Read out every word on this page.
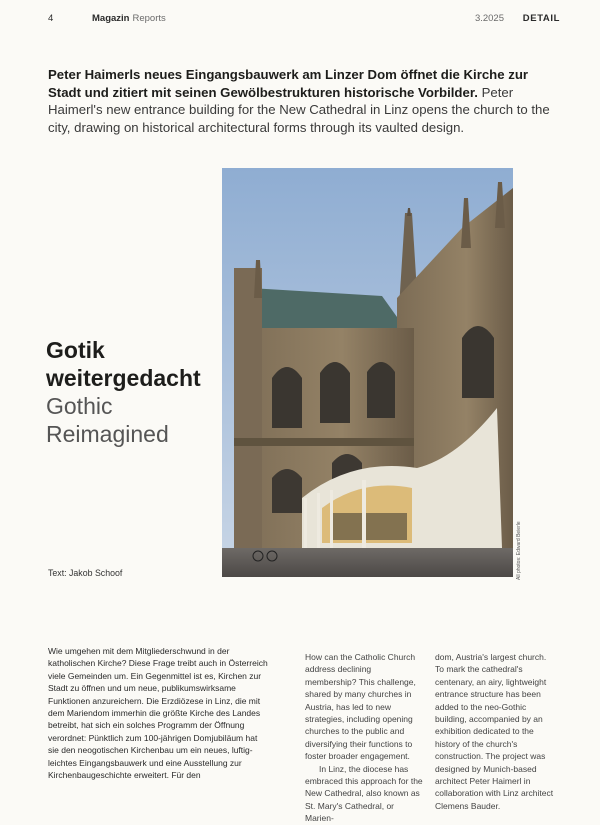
4	Magazin Reports	3.2025 DETAIL
Peter Haimerls neues Eingangsbauwerk am Linzer Dom öffnet die Kirche zur Stadt und zitiert mit seinen Gewölbestrukturen historische Vorbilder. Peter Haimerl's new entrance building for the New Cathedral in Linz opens the church to the city, drawing on historical architectural forms through its vaulted design.
Gotik
weitergedacht
Gothic
Reimagined
Text: Jakob Schoof	All photos: Edward Beierle

Wie umgehen mit dem Mitgliederschwund in der katholischen Kirche? Diese Frage treibt auch in Österreich viele Gemeinden um. Ein Gegenmittel ist es, Kirchen zur Stadt zu öffnen und um neue, publikumswirksame Funktionen anzureichern. Die Erzdiözese in Linz, die mit dem Mariendom immerhin die größte Kirche des Landes betreibt, hat sich ein solches Programm der Öffnung verordnet: Pünktlich zum 100-jährigen Domjubiläum hat sie den neogotischen Kirchenbau um ein neues, luftig-leichtes Eingangsbauwerk und eine Ausstellung zur Kirchenbaugeschichte erweitert. Für den

How can the Catholic Church address declining membership? This challenge, shared by many churches in Austria, has led to new strategies, including opening churches to the public and diversifying their functions to foster broader engagement.

In Linz, the diocese has embraced this approach for the New Cathedral, also known as St. Mary's Cathedral, or Marien-

dom, Austria's largest church. To mark the cathedral's centenary, an airy, lightweight entrance structure has been added to the neo-Gothic building, accompanied by an exhibition dedicated to the history of the church's construction. The project was designed by Munich-based architect Peter Haimerl in collaboration with Linz architect Clemens Bauder.
